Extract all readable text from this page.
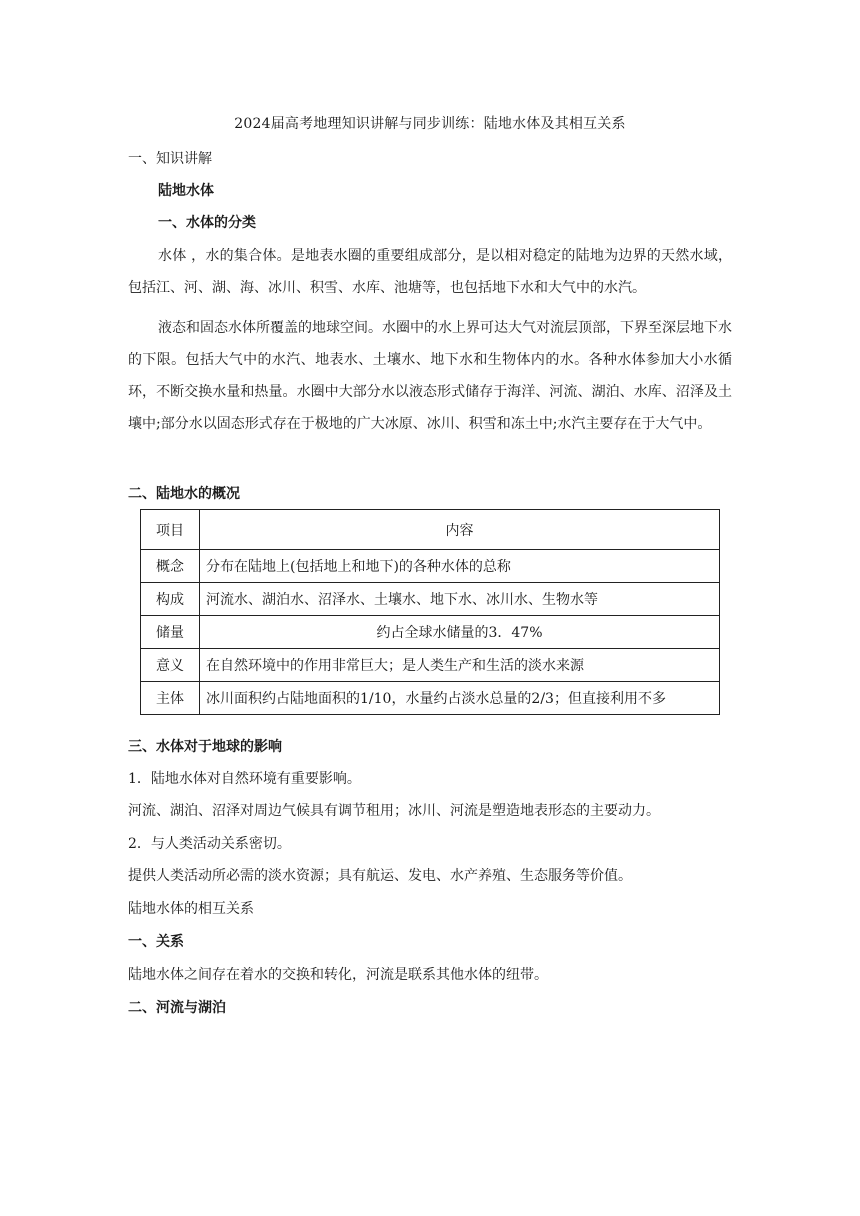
2024届高考地理知识讲解与同步训练：陆地水体及其相互关系
一、知识讲解
陆地水体
一、水体的分类
水体 ，水的集合体。是地表水圈的重要组成部分，是以相对稳定的陆地为边界的天然水域，包括江、河、湖、海、冰川、积雪、水库、池塘等，也包括地下水和大气中的水汽。
液态和固态水体所覆盖的地球空间。水圈中的水上界可达大气对流层顶部，下界至深层地下水的下限。包括大气中的水汽、地表水、土壤水、地下水和生物体内的水。各种水体参加大小水循环，不断交换水量和热量。水圈中大部分水以液态形式储存于海洋、河流、湖泊、水库、沼泽及土壤中;部分水以固态形式存在于极地的广大冰原、冰川、积雪和冻土中;水汽主要存在于大气中。
二、陆地水的概况
项目	内容
概念	分布在陆地上(包括地上和地下)的各种水体的总称
构成	河流水、湖泊水、沼泽水、土壤水、地下水、冰川水、生物水等
储量	约占全球水储量的3．47%
意义	在自然环境中的作用非常巨大；是人类生产和生活的淡水来源
主体	冰川面积约占陆地面积的1/10，水量约占淡水总量的2/3；但直接利用不多
三、水体对于地球的影响
1．陆地水体对自然环境有重要影响。
河流、湖泊、沼泽对周边气候具有调节租用；冰川、河流是塑造地表形态的主要动力。
2．与人类活动关系密切。
提供人类活动所必需的淡水资源；具有航运、发电、水产养殖、生态服务等价值。
陆地水体的相互关系
一、关系
陆地水体之间存在着水的交换和转化，河流是联系其他水体的纽带。
二、河流与湖泊
